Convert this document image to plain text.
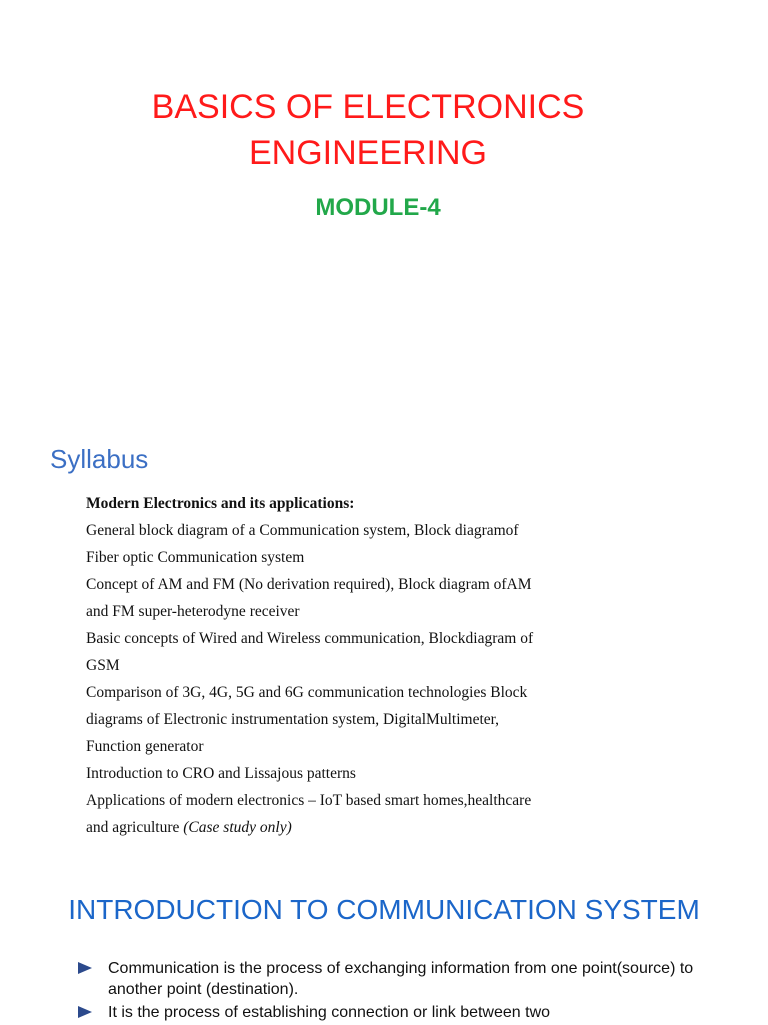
BASICS OF ELECTRONICS
ENGINEERING
MODULE-4
Syllabus
Modern Electronics and its applications:
General block diagram of a Communication system, Block diagramof
Fiber optic Communication system
Concept of AM and FM (No derivation required), Block diagram ofAM
and FM super-heterodyne receiver
Basic concepts of Wired and Wireless communication, Blockdiagram of
GSM
Comparison of 3G, 4G, 5G and 6G communication technologies Block
diagrams of Electronic instrumentation system, DigitalMultimeter,
Function generator
Introduction to CRO and Lissajous patterns
Applications of modern electronics – IoT based smart homes,healthcare
and agriculture (Case study only)
INTRODUCTION TO COMMUNICATION SYSTEM
Communication is the process of exchanging information from one point(source) to another point (destination).
It is the process of establishing connection or link between two
